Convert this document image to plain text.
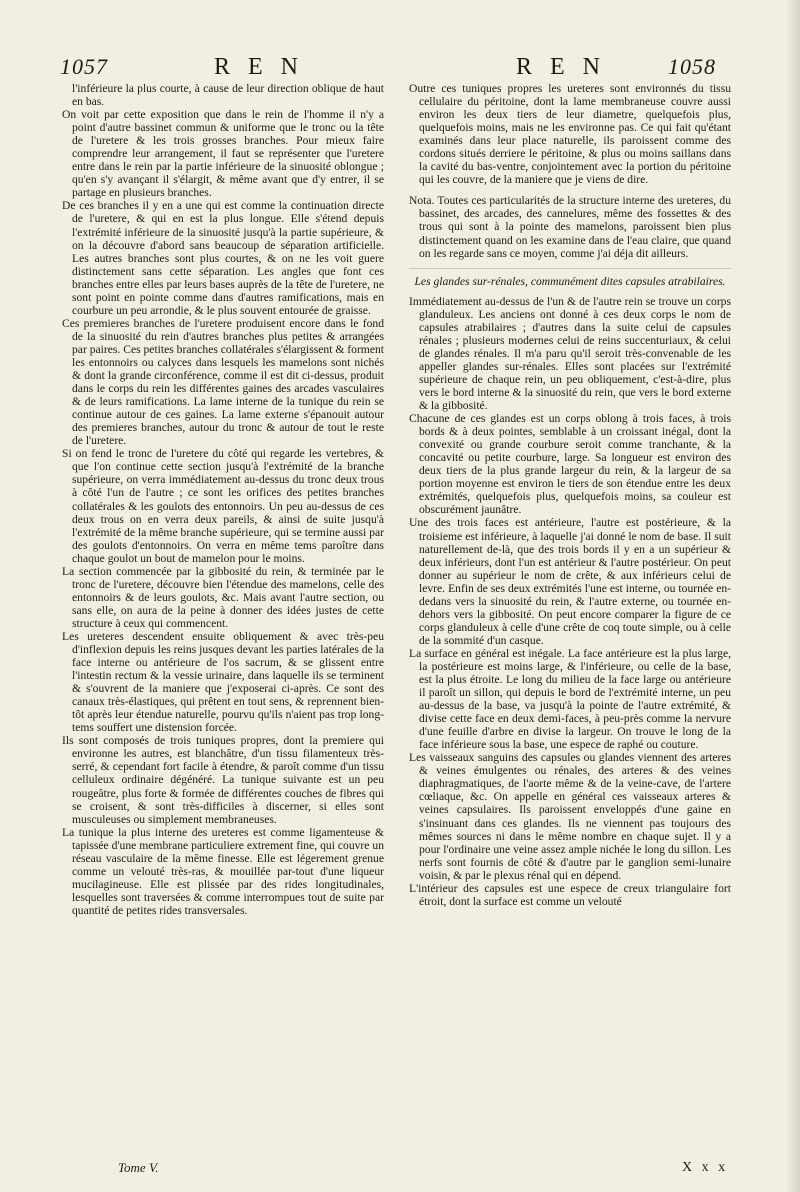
1057	R E N	R E N	1058

l'inférieure la plus courte, à cause de leur direction oblique de haut en bas.

On voit par cette exposition que dans le rein de l'homme il n'y a point d'autre bassinet commun & uniforme que le tronc ou la tête de l'uretere & les trois grosses branches. Pour mieux faire comprendre leur arrangement, il faut se représenter que l'uretere entre dans le rein par la partie inférieure de la sinuosité oblongue ; qu'en s'y avançant il s'élargit, & même avant que d'y entrer, il se partage en plusieurs branches.

De ces branches il y en a une qui est comme la continuation directe de l'uretere, & qui en est la plus longue. Elle s'étend depuis l'extrémité inférieure de la sinuosité jusqu'à la partie supérieure, & on la découvre d'abord sans beaucoup de séparation artificielle. Les autres branches sont plus courtes, & on ne les voit guere distinctement sans cette séparation. Les angles que font ces branches entre elles par leurs bases auprès de la tête de l'uretere, ne sont point en pointe comme dans d'autres ramifications, mais en courbure un peu arrondie, & le plus souvent entourée de graisse.

Ces premieres branches de l'uretere produisent encore dans le fond de la sinuosité du rein d'autres branches plus petites & arrangées par paires. Ces petites branches collatérales s'élargissent & forment les entonnoirs ou calyces dans lesquels les mamelons sont nichés & dont la grande circonférence, comme il est dit ci-dessus, produit dans le corps du rein les différentes gaines des arcades vasculaires & de leurs ramifications. La lame interne de la tunique du rein se continue autour de ces gaines. La lame externe s'épanouit autour des premieres branches, autour du tronc & autour de tout le reste de l'uretere.

Si on fend le tronc de l'uretere du côté qui regarde les vertebres, & que l'on continue cette section jusqu'à l'extrémité de la branche supérieure, on verra immédiatement au-dessus du tronc deux trous à côté l'un de l'autre ; ce sont les orifices des petites branches collatérales & les goulots des entonnoirs. Un peu au-dessus de ces deux trous on en verra deux pareils, & ainsi de suite jusqu'à l'extrémité de la même branche supérieure, qui se termine aussi par des goulots d'entonnoirs. On verra en même tems paroître dans chaque goulot un bout de mamelon pour le moins.

La section commencée par la gibbosité du rein, & terminée par le tronc de l'uretere, découvre bien l'étendue des mamelons, celle des entonnoirs & de leurs goulots, &c. Mais avant l'autre section, ou sans elle, on aura de la peine à donner des idées justes de cette structure à ceux qui commencent.

Les ureteres descendent ensuite obliquement & avec très-peu d'inflexion depuis les reins jusques devant les parties latérales de la face interne ou antérieure de l'os sacrum, & se glissent entre l'intestin rectum & la vessie urinaire, dans laquelle ils se terminent & s'ouvrent de la maniere que j'exposerai ci-après. Ce sont des canaux très-élastiques, qui prêtent en tout sens, & reprennent bien-tôt après leur étendue naturelle, pourvu qu'ils n'aient pas trop long-tems souffert une distension forcée.

Ils sont composés de trois tuniques propres, dont la premiere qui environne les autres, est blanchâtre, d'un tissu filamenteux très-serré, & cependant fort facile à étendre, & paroît comme d'un tissu celluleux ordinaire dégénéré. La tunique suivante est un peu rougeâtre, plus forte & formée de différentes couches de fibres qui se croisent, & sont très-difficiles à discerner, si elles sont musculeuses ou simplement membraneuses.

La tunique la plus interne des ureteres est comme ligamenteuse & tapissée d'une membrane particuliere extrement fine, qui couvre un réseau vasculaire de la même finesse. Elle est légerement grenue comme un velouté très-ras, & mouillée par-tout d'une liqueur mucilagineuse. Elle est plissée par des rides longitudinales, lesquelles sont traversées & comme interrompues tout de suite par quantité de petites rides transversales.

Outre ces tuniques propres les ureteres sont environnés du tissu cellulaire du péritoine, dont la lame membraneuse couvre aussi environ les deux tiers de leur diametre, quelquefois plus, quelquefois moins, mais ne les environne pas. Ce qui fait qu'étant examinés dans leur place naturelle, ils paroissent comme des cordons situés derriere le péritoine, & plus ou moins saillans dans la cavité du bas-ventre, conjointement avec la portion du péritoine qui les couvre, de la maniere que je viens de dire.

Nota. Toutes ces particularités de la structure interne des ureteres, du bassinet, des arcades, des cannelures, même des fossettes & des trous qui sont à la pointe des mamelons, paroissent bien plus distinctement quand on les examine dans de l'eau claire, que quand on les regarde sans ce moyen, comme j'ai déja dit ailleurs.

Les glandes sur-rénales, communément dites capsules atrabilaires.

Immédiatement au-dessus de l'un & de l'autre rein se trouve un corps glanduleux. Les anciens ont donné à ces deux corps le nom de capsules atrabilaires ; d'autres dans la suite celui de capsules rénales ; plusieurs modernes celui de reins succenturiaux, & celui de glandes rénales. Il m'a paru qu'il seroit très-convenable de les appeller glandes sur-rénales. Elles sont placées sur l'extrémité supérieure de chaque rein, un peu obliquement, c'est-à-dire, plus vers le bord interne & la sinuosité du rein, que vers le bord externe & la gibbosité.

Chacune de ces glandes est un corps oblong à trois faces, à trois bords & à deux pointes, semblable à un croissant inégal, dont la convexité ou grande courbure seroit comme tranchante, & la concavité ou petite courbure, large. Sa longueur est environ des deux tiers de la plus grande largeur du rein, & la largeur de sa portion moyenne est environ le tiers de son étendue entre les deux extrémités, quelquefois plus, quelquefois moins, sa couleur est obscurément jaunâtre.

Une des trois faces est antérieure, l'autre est postérieure, & la troisieme est inférieure, à laquelle j'ai donné le nom de base. Il suit naturellement de-là, que des trois bords il y en a un supérieur & deux inférieurs, dont l'un est antérieur & l'autre postérieur. On peut donner au supérieur le nom de crête, & aux inférieurs celui de levre. Enfin de ses deux extrémités l'une est interne, ou tournée en-dedans vers la sinuosité du rein, & l'autre externe, ou tournée en-dehors vers la gibbosité. On peut encore comparer la figure de ce corps glanduleux à celle d'une crête de coq toute simple, ou à celle de la sommité d'un casque.

La surface en général est inégale. La face antérieure est la plus large, la postérieure est moins large, & l'inférieure, ou celle de la base, est la plus étroite. Le long du milieu de la face large ou antérieure il paroît un sillon, qui depuis le bord de l'extrémité interne, un peu au-dessus de la base, va jusqu'à la pointe de l'autre extrémité, & divise cette face en deux demi-faces, à peu-près comme la nervure d'une feuille d'arbre en divise la largeur. On trouve le long de la face inférieure sous la base, une espece de raphé ou couture.

Les vaisseaux sanguins des capsules ou glandes viennent des arteres & veines émulgentes ou rénales, des arteres & des veines diaphragmatiques, de l'aorte même & de la veine-cave, de l'artere cœliaque, &c. On appelle en général ces vaisseaux arteres & veines capsulaires. Ils paroissent enveloppés d'une gaine en s'insinuant dans ces glandes. Ils ne viennent pas toujours des mêmes sources ni dans le même nombre en chaque sujet. Il y a pour l'ordinaire une veine assez ample nichée le long du sillon. Les nerfs sont fournis de côté & d'autre par le ganglion semi-lunaire voisin, & par le plexus rénal qui en dépend.

L'intérieur des capsules est une espece de creux triangulaire fort étroit, dont la surface est comme un velouté

Tome V.	X x x
